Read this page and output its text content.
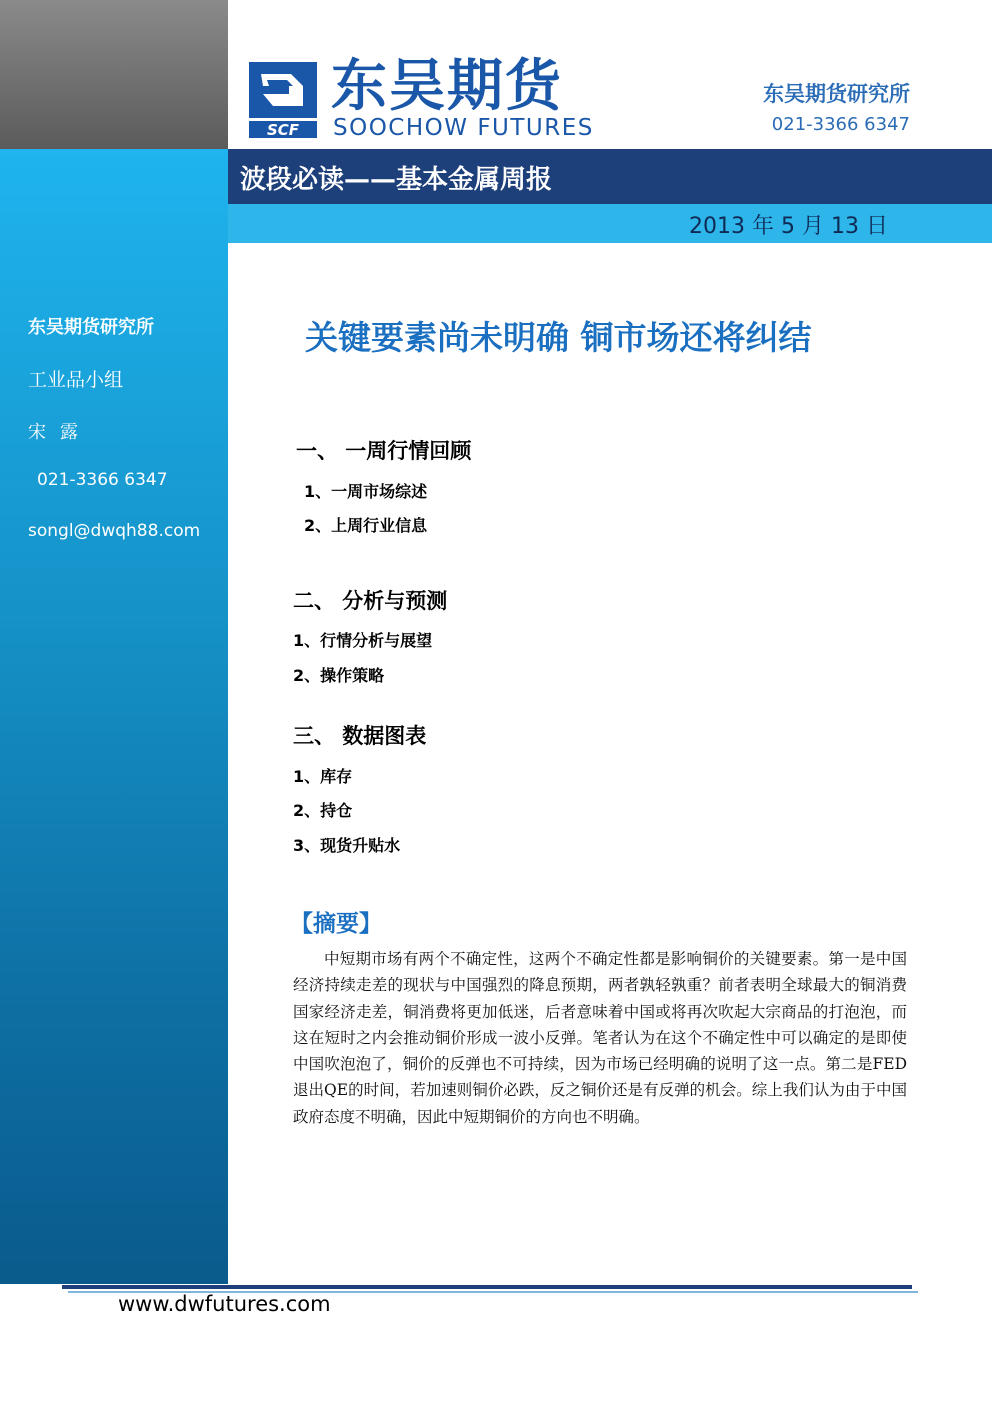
SCF
东吴期货
SOOCHOW FUTURES
东吴期货研究所
021-3366 6347
波段必读——基本金属周报
2013 年 5 月 13 日
东吴期货研究所
工业品小组
宋露
021-3366 6347
songl@dwqh88.com
关键要素尚未明确 铜市场还将纠结
一、 一周行情回顾
1、一周市场综述
2、上周行业信息
二、 分析与预测
1、行情分析与展望
2、操作策略
三、 数据图表
1、库存
2、持仓
3、现货升贴水
【摘要】
中短期市场有两个不确定性，这两个不确定性都是影响铜价的关键要素。第一是中国经济持续走差的现状与中国强烈的降息预期，两者孰轻孰重？前者表明全球最大的铜消费国家经济走差，铜消费将更加低迷，后者意味着中国或将再次吹起大宗商品的打泡泡，而这在短时之内会推动铜价形成一波小反弹。笔者认为在这个不确定性中可以确定的是即使中国吹泡泡了，铜价的反弹也不可持续，因为市场已经明确的说明了这一点。第二是FED退出QE的时间，若加速则铜价必跌，反之铜价还是有反弹的机会。综上我们认为由于中国政府态度不明确，因此中短期铜价的方向也不明确。
www.dwfutures.com
